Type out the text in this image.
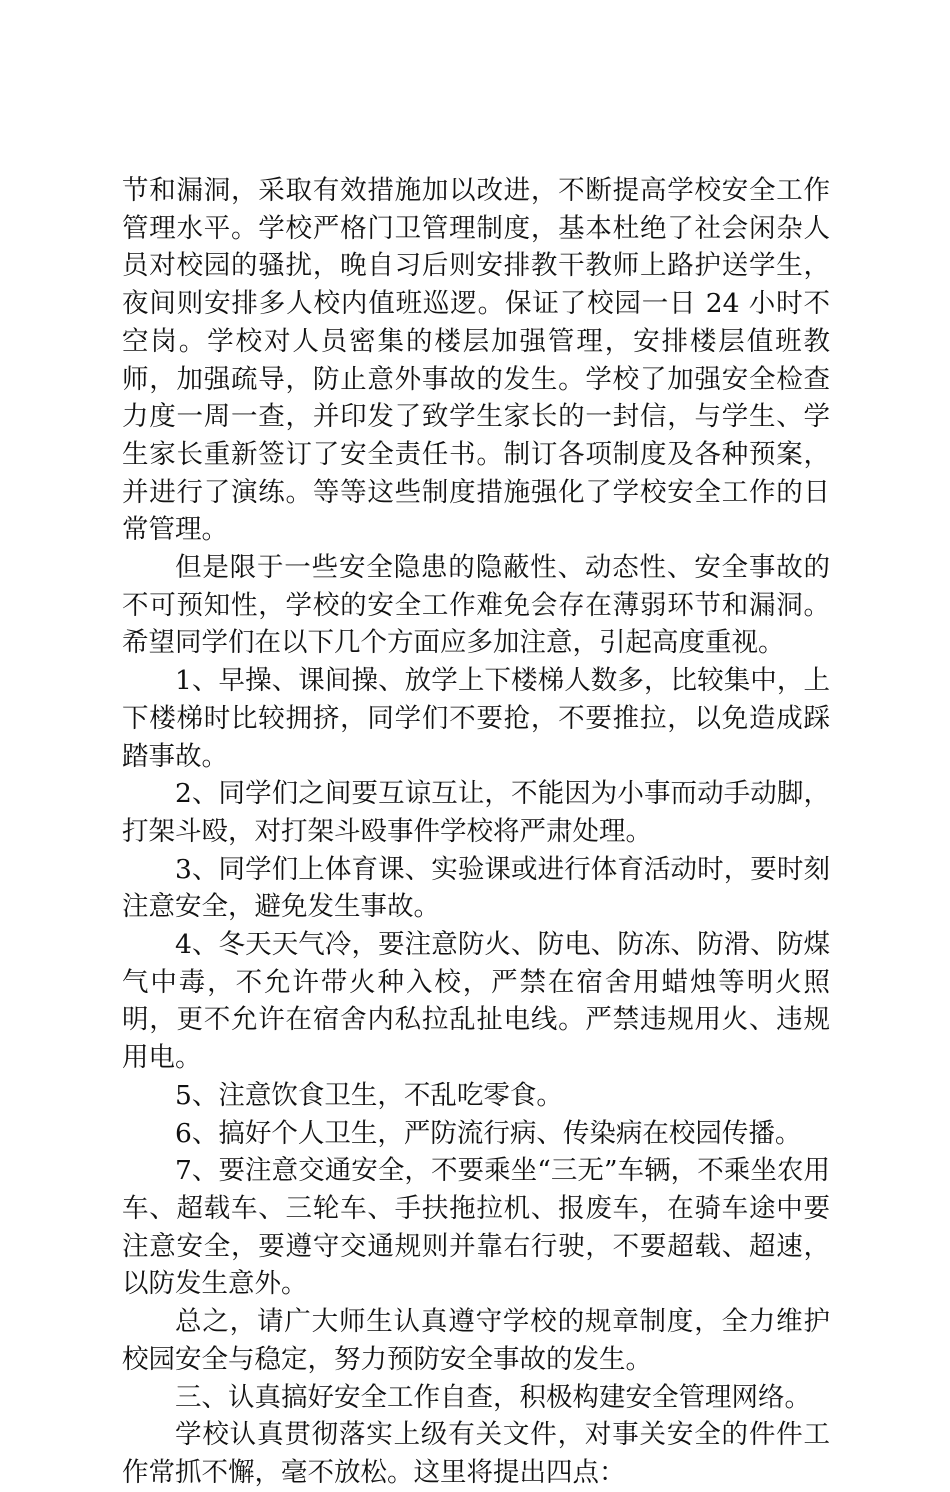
节和漏洞，采取有效措施加以改进，不断提高学校安全工作管理水平。学校严格门卫管理制度，基本杜绝了社会闲杂人员对校园的骚扰，晚自习后则安排教干教师上路护送学生，夜间则安排多人校内值班巡逻。保证了校园一日 24 小时不空岗。学校对人员密集的楼层加强管理，安排楼层值班教师，加强疏导，防止意外事故的发生。学校了加强安全检查力度一周一查，并印发了致学生家长的一封信，与学生、学生家长重新签订了安全责任书。制订各项制度及各种预案，并进行了演练。等等这些制度措施强化了学校安全工作的日常管理。

但是限于一些安全隐患的隐蔽性、动态性、安全事故的不可预知性，学校的安全工作难免会存在薄弱环节和漏洞。希望同学们在以下几个方面应多加注意，引起高度重视。

1、早操、课间操、放学上下楼梯人数多，比较集中，上下楼梯时比较拥挤，同学们不要抢，不要推拉，以免造成踩踏事故。

2、同学们之间要互谅互让，不能因为小事而动手动脚，打架斗殴，对打架斗殴事件学校将严肃处理。

3、同学们上体育课、实验课或进行体育活动时，要时刻注意安全，避免发生事故。

4、冬天天气冷，要注意防火、防电、防冻、防滑、防煤气中毒，不允许带火种入校，严禁在宿舍用蜡烛等明火照明，更不允许在宿舍内私拉乱扯电线。严禁违规用火、违规用电。

5、注意饮食卫生，不乱吃零食。

6、搞好个人卫生，严防流行病、传染病在校园传播。

7、要注意交通安全，不要乘坐“三无”车辆，不乘坐农用车、超载车、三轮车、手扶拖拉机、报废车，在骑车途中要注意安全，要遵守交通规则并靠右行驶，不要超载、超速，以防发生意外。

总之，请广大师生认真遵守学校的规章制度，全力维护校园安全与稳定，努力预防安全事故的发生。

三、认真搞好安全工作自查，积极构建安全管理网络。

学校认真贯彻落实上级有关文件，对事关安全的件件工作常抓不懈，毫不放松。这里将提出四点：
